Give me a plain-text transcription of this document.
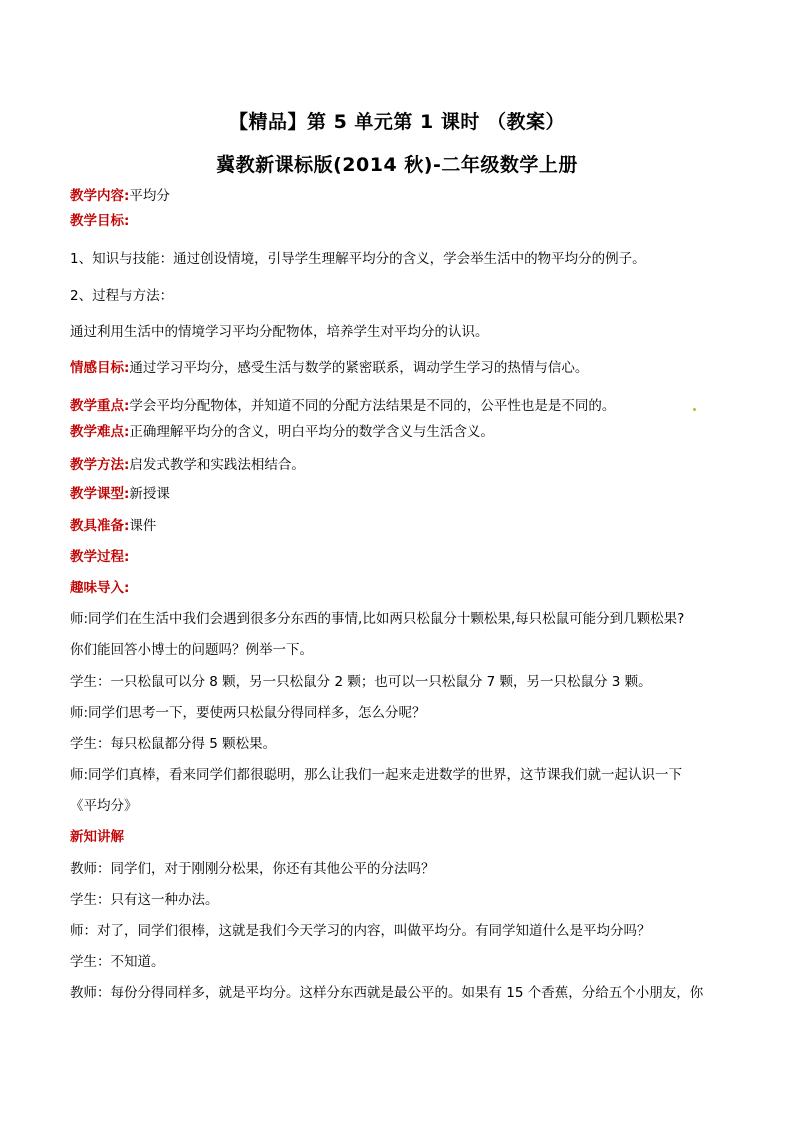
【精品】第 5 单元第 1 课时 （教案）
冀教新课标版(2014 秋)-二年级数学上册
教学内容:平均分
教学目标:
1、知识与技能：通过创设情境，引导学生理解平均分的含义，学会举生活中的物平均分的例子。
2、过程与方法：
通过利用生活中的情境学习平均分配物体，培养学生对平均分的认识。
情感目标:通过学习平均分，感受生活与数学的紧密联系，调动学生学习的热情与信心。
教学重点:学会平均分配物体，并知道不同的分配方法结果是不同的，公平性也是是不同的。
教学难点:正确理解平均分的含义，明白平均分的数学含义与生活含义。
教学方法:启发式教学和实践法相结合。
教学课型:新授课
教具准备:课件
教学过程:
趣味导入:
师:同学们在生活中我们会遇到很多分东西的事情,比如两只松鼠分十颗松果,每只松鼠可能分到几颗松果?
你们能回答小博士的问题吗？例举一下。
学生：一只松鼠可以分 8 颗，另一只松鼠分 2 颗；也可以一只松鼠分 7 颗，另一只松鼠分 3 颗。
师:同学们思考一下，要使两只松鼠分得同样多，怎么分呢？
学生：每只松鼠都分得 5 颗松果。
师:同学们真棒，看来同学们都很聪明，那么让我们一起来走进数学的世界，这节课我们就一起认识一下
《平均分》
新知讲解
教师：同学们，对于刚刚分松果，你还有其他公平的分法吗？
学生：只有这一种办法。
师：对了，同学们很棒，这就是我们今天学习的内容，叫做平均分。有同学知道什么是平均分吗？
学生：不知道。
教师：每份分得同样多，就是平均分。这样分东西就是最公平的。如果有 15 个香蕉，分给五个小朋友，你
